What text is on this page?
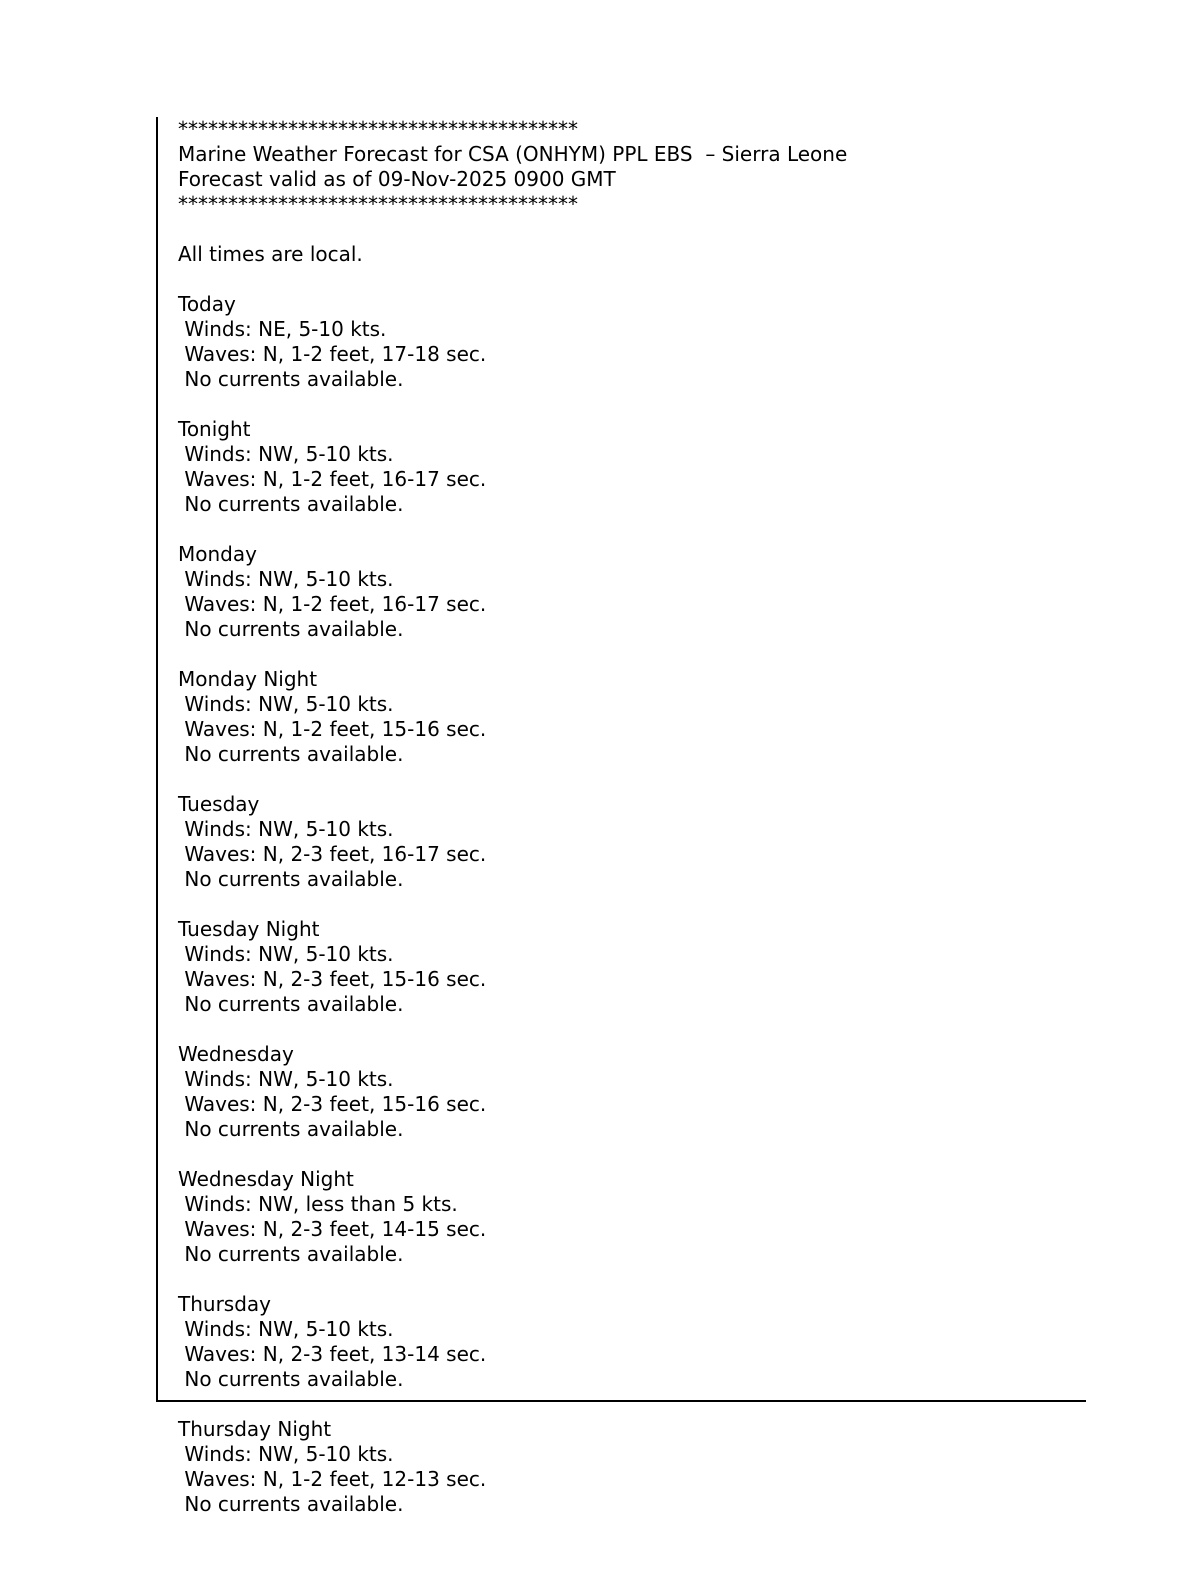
****************************************
Marine Weather Forecast for CSA (ONHYM) PPL EBS  – Sierra Leone
Forecast valid as of 09-Nov-2025 0900 GMT
****************************************
All times are local.
Today
Winds: NE, 5-10 kts.
Waves: N, 1-2 feet, 17-18 sec.
No currents available.
Tonight
Winds: NW, 5-10 kts.
Waves: N, 1-2 feet, 16-17 sec.
No currents available.
Monday
Winds: NW, 5-10 kts.
Waves: N, 1-2 feet, 16-17 sec.
No currents available.
Monday Night
Winds: NW, 5-10 kts.
Waves: N, 1-2 feet, 15-16 sec.
No currents available.
Tuesday
Winds: NW, 5-10 kts.
Waves: N, 2-3 feet, 16-17 sec.
No currents available.
Tuesday Night
Winds: NW, 5-10 kts.
Waves: N, 2-3 feet, 15-16 sec.
No currents available.
Wednesday
Winds: NW, 5-10 kts.
Waves: N, 2-3 feet, 15-16 sec.
No currents available.
Wednesday Night
Winds: NW, less than 5 kts.
Waves: N, 2-3 feet, 14-15 sec.
No currents available.
Thursday
Winds: NW, 5-10 kts.
Waves: N, 2-3 feet, 13-14 sec.
No currents available.
Thursday Night
Winds: NW, 5-10 kts.
Waves: N, 1-2 feet, 12-13 sec.
No currents available.
